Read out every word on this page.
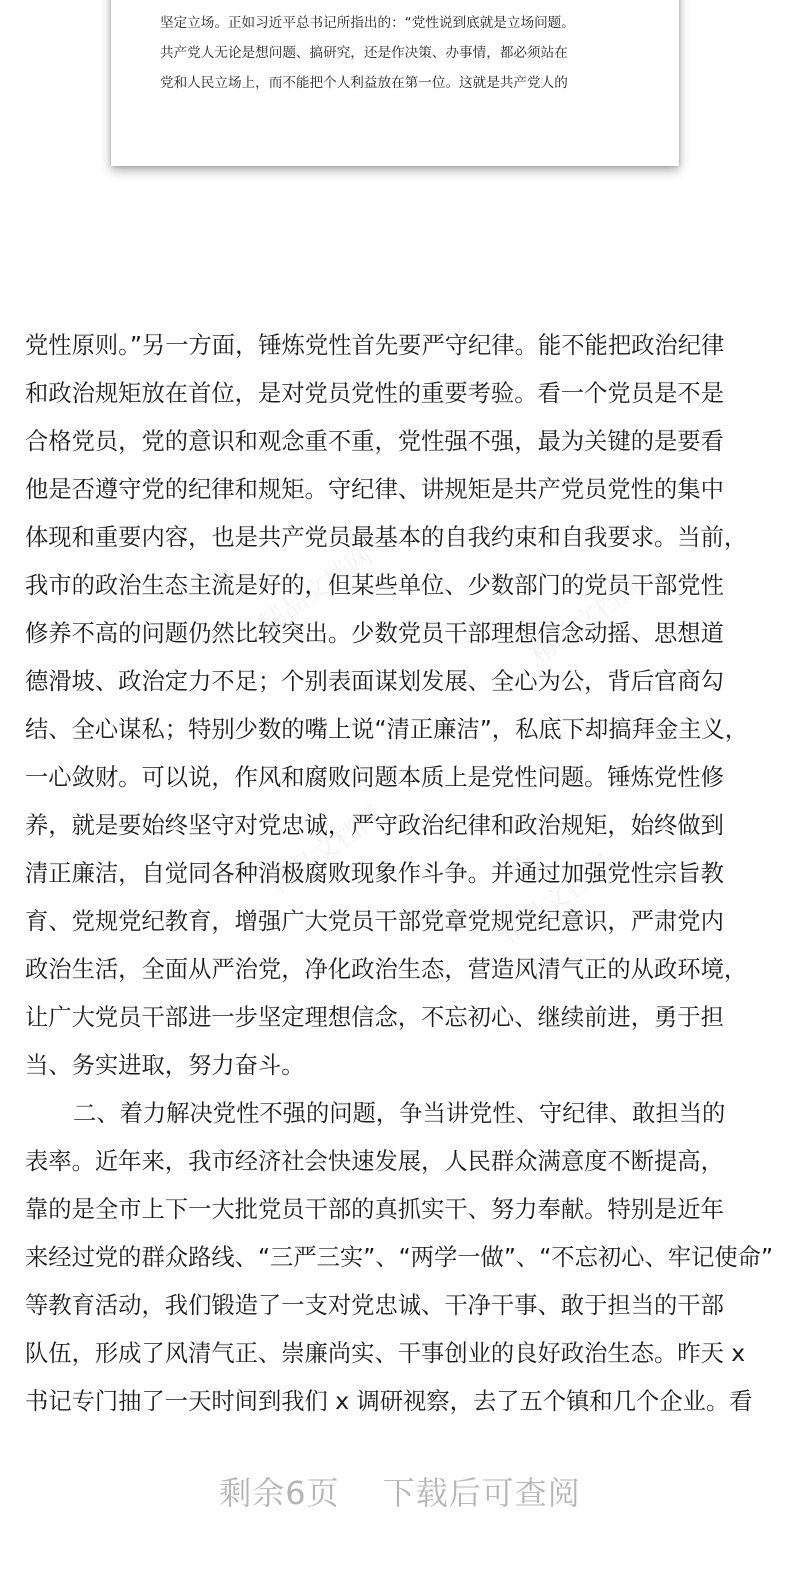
坚定立场。正如习近平总书记所指出的：“党性说到底就是立场问题。
共产党人无论是想问题、搞研究，还是作决策、办事情，都必须站在
党和人民立场上，而不能把个人利益放在第一位。这就是共产党人的
精品文档网	精品文档网
精品文档网
精品文档网
党性原则。”另一方面，锤炼党性首先要严守纪律。能不能把政治纪律
和政治规矩放在首位，是对党员党性的重要考验。看一个党员是不是
合格党员，党的意识和观念重不重，党性强不强，最为关键的是要看
他是否遵守党的纪律和规矩。守纪律、讲规矩是共产党员党性的集中
体现和重要内容，也是共产党员最基本的自我约束和自我要求。当前，
我市的政治生态主流是好的，但某些单位、少数部门的党员干部党性
修养不高的问题仍然比较突出。少数党员干部理想信念动摇、思想道
德滑坡、政治定力不足；个别表面谋划发展、全心为公，背后官商勾
结、全心谋私；特别少数的嘴上说“清正廉洁”，私底下却搞拜金主义，
一心敛财。可以说，作风和腐败问题本质上是党性问题。锤炼党性修
养，就是要始终坚守对党忠诚，严守政治纪律和政治规矩，始终做到
清正廉洁，自觉同各种消极腐败现象作斗争。并通过加强党性宗旨教
育、党规党纪教育，增强广大党员干部党章党规党纪意识，严肃党内
政治生活，全面从严治党，净化政治生态，营造风清气正的从政环境，
让广大党员干部进一步坚定理想信念，不忘初心、继续前进，勇于担
当、务实进取，努力奋斗。
二、着力解决党性不强的问题，争当讲党性、守纪律、敢担当的
表率。近年来，我市经济社会快速发展，人民群众满意度不断提高，
靠的是全市上下一大批党员干部的真抓实干、努力奉献。特别是近年
来经过党的群众路线、“三严三实”、“两学一做”、“不忘初心、牢记使命”
等教育活动，我们锻造了一支对党忠诚、干净干事、敢于担当的干部
队伍，形成了风清气正、崇廉尚实、干事创业的良好政治生态。昨天 x
书记专门抽了一天时间到我们 x 调研视察，去了五个镇和几个企业。看
剩余6页 下载后可查阅
